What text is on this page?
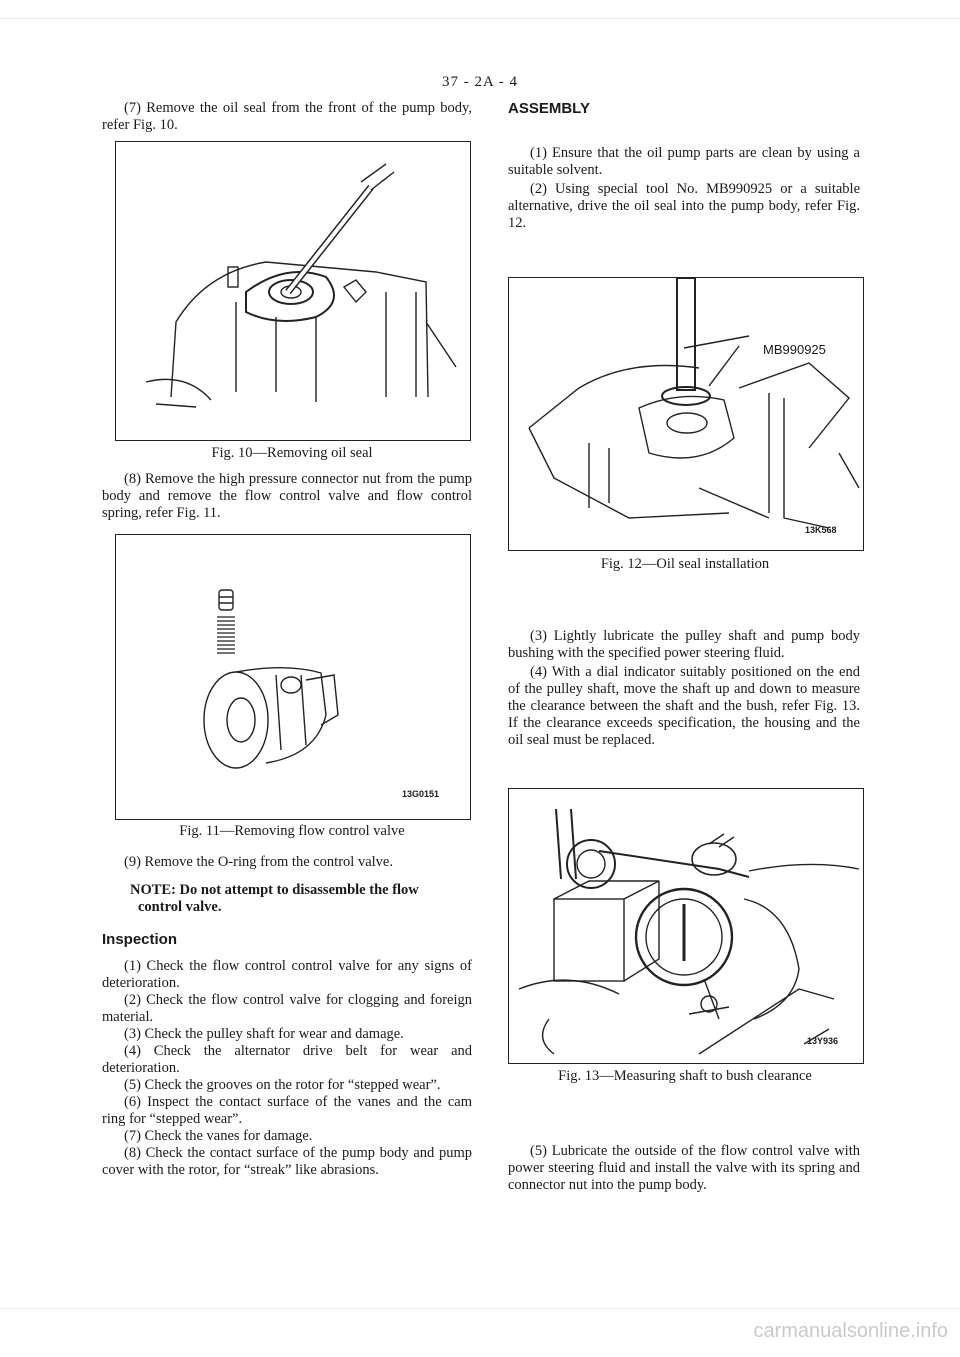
37 - 2A - 4

(7) Remove the oil seal from the front of the pump body, refer Fig. 10.

Fig. 10—Removing oil seal

(8) Remove the high pressure connector nut from the pump body and remove the flow control valve and flow control spring, refer Fig. 11.

13G0151
Fig. 11—Removing flow control valve

(9) Remove the O-ring from the control valve.

NOTE: Do not attempt to disassemble the flow control valve.
Inspection

(1) Check the flow control control valve for any signs of deterioration.

(2) Check the flow control valve for clogging and foreign material.

(3) Check the pulley shaft for wear and damage.

(4) Check the alternator drive belt for wear and deterioration.

(5) Check the grooves on the rotor for “stepped wear”.

(6) Inspect the contact surface of the vanes and the cam ring for “stepped wear”.

(7) Check the vanes for damage.

(8) Check the contact surface of the pump body and pump cover with the rotor, for “streak” like abrasions.

ASSEMBLY

(1) Ensure that the oil pump parts are clean by using a suitable solvent.

(2) Using special tool No. MB990925 or a suitable alternative, drive the oil seal into the pump body, refer Fig. 12.

MB990925
13K568
Fig. 12—Oil seal installation

(3) Lightly lubricate the pulley shaft and pump body bushing with the specified power steering fluid.

(4) With a dial indicator suitably positioned on the end of the pulley shaft, move the shaft up and down to measure the clearance between the shaft and the bush, refer Fig. 13. If the clearance exceeds specification, the housing and the oil seal must be replaced.

13Y936
Fig. 13—Measuring shaft to bush clearance

(5) Lubricate the outside of the flow control valve with power steering fluid and install the valve with its spring and connector nut into the pump body.

carmanualsonline.info
